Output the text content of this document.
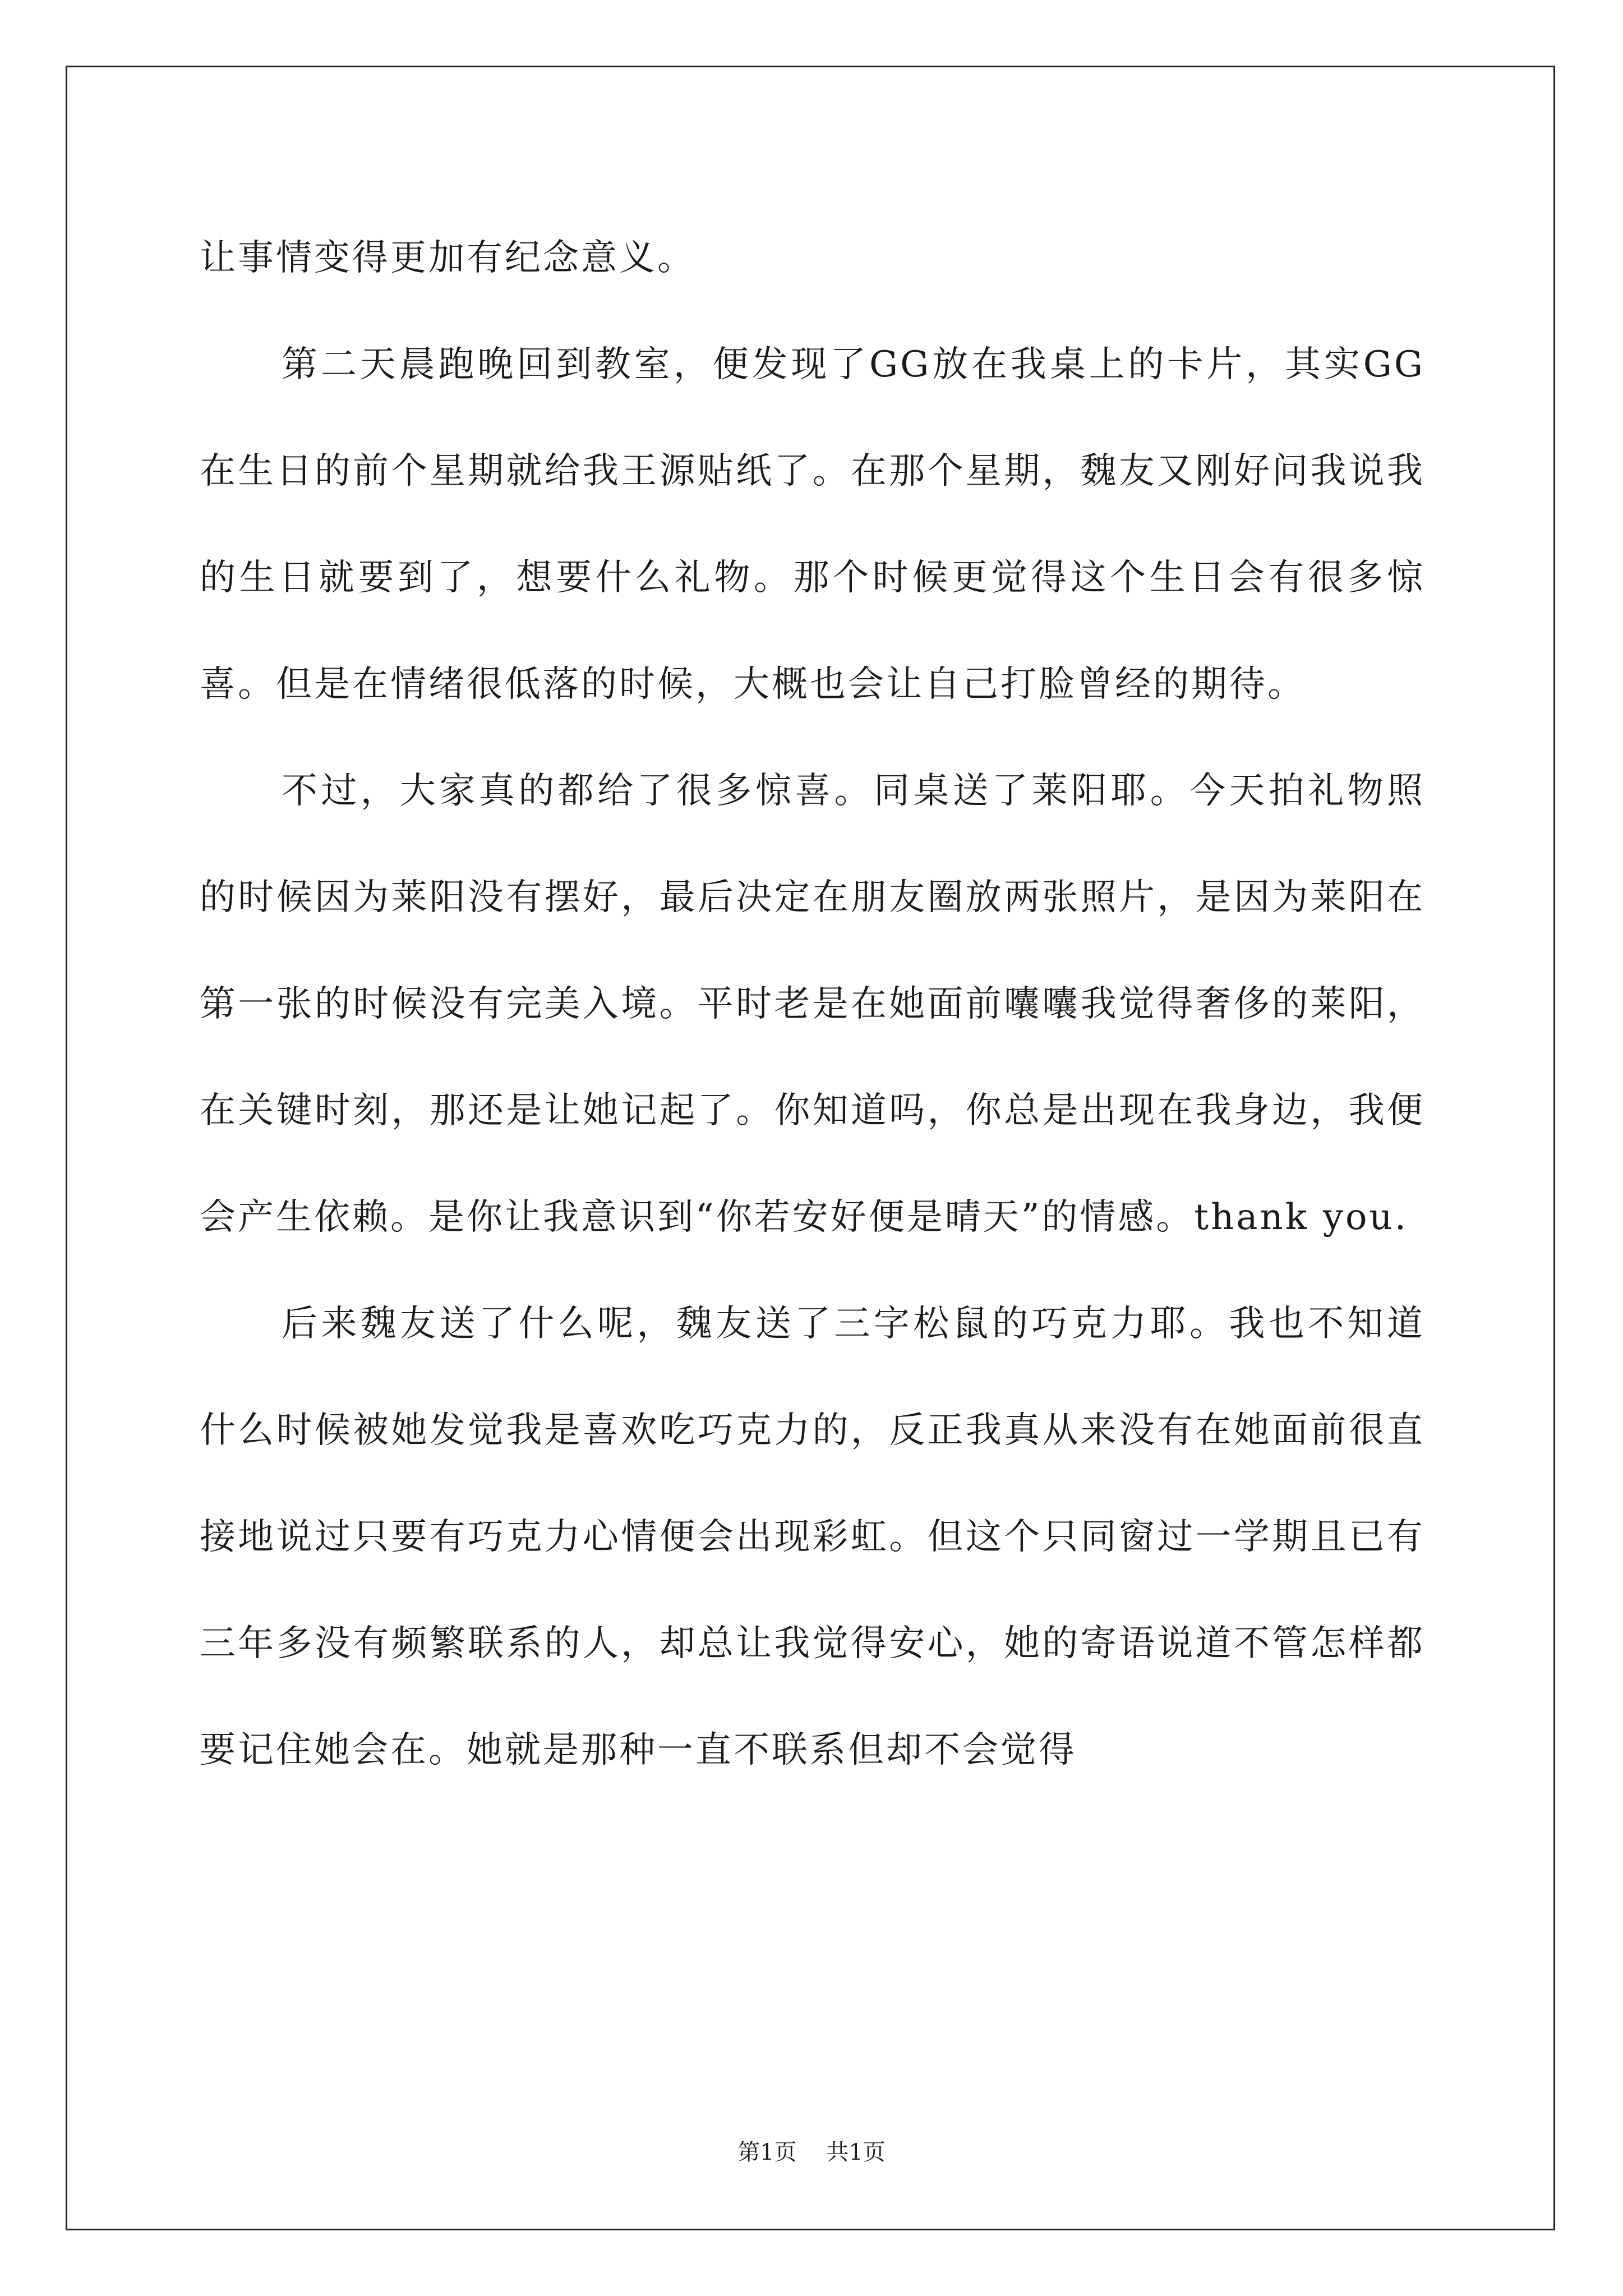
让事情变得更加有纪念意义。

第二天晨跑晚回到教室，便发现了GG放在我桌上的卡片，其实GG在生日的前个星期就给我王源贴纸了。在那个星期，魏友又刚好问我说我的生日就要到了，想要什么礼物。那个时候更觉得这个生日会有很多惊喜。但是在情绪很低落的时候，大概也会让自己打脸曾经的期待。

不过，大家真的都给了很多惊喜。同桌送了莱阳耶。今天拍礼物照的时候因为莱阳没有摆好，最后决定在朋友圈放两张照片，是因为莱阳在第一张的时候没有完美入境。平时老是在她面前囔囔我觉得奢侈的莱阳，在关键时刻，那还是让她记起了。你知道吗，你总是出现在我身边，我便会产生依赖。是你让我意识到“你若安好便是晴天”的情感。thank you.

后来魏友送了什么呢，魏友送了三字松鼠的巧克力耶。我也不知道什么时候被她发觉我是喜欢吃巧克力的，反正我真从来没有在她面前很直接地说过只要有巧克力心情便会出现彩虹。但这个只同窗过一学期且已有三年多没有频繁联系的人，却总让我觉得安心，她的寄语说道不管怎样都要记住她会在。她就是那种一直不联系但却不会觉得

第1页 共1页
